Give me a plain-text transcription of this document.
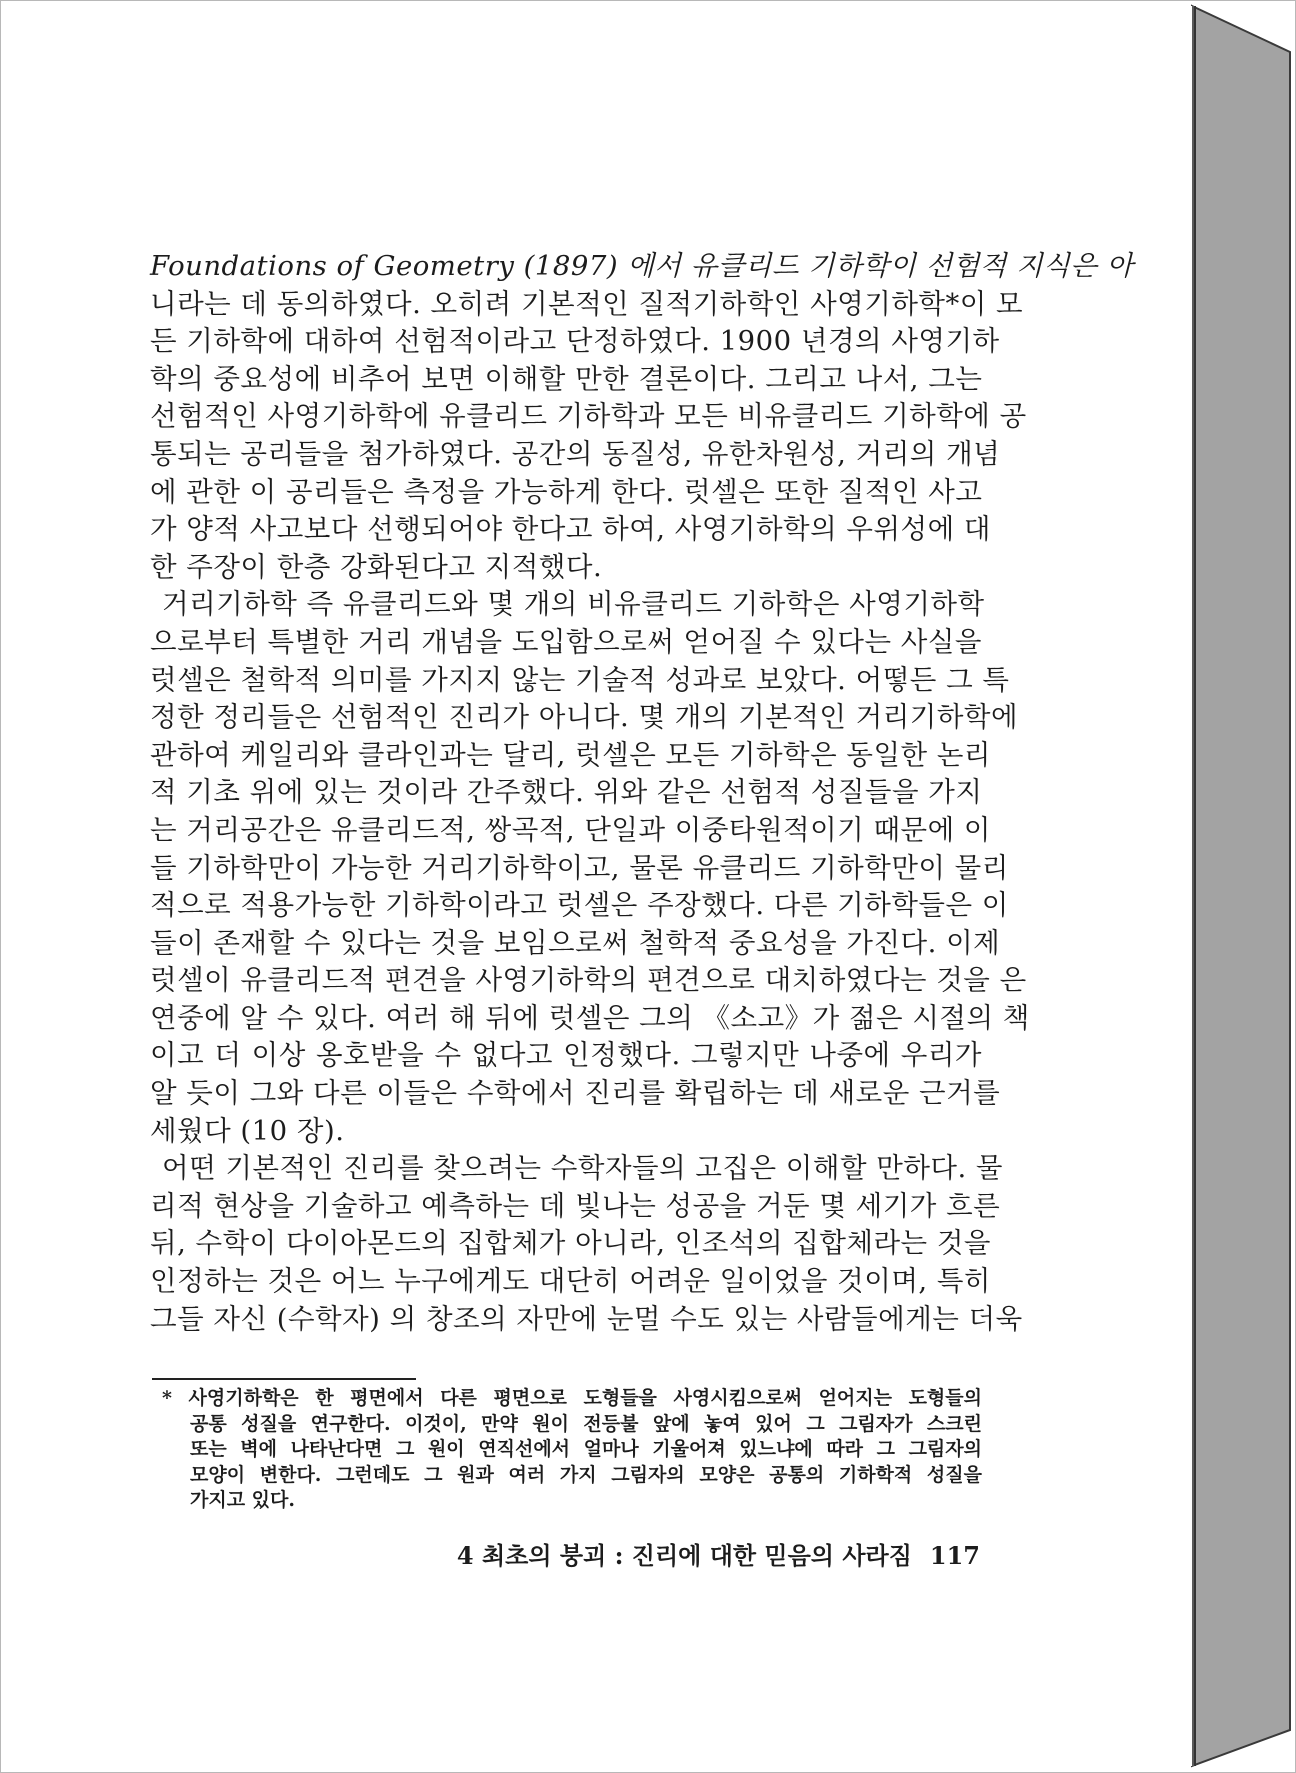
Foundations of Geometry (1897) 에서 유클리드 기하학이 선험적 지식은 아
니라는 데 동의하였다. 오히려 기본적인 질적기하학인 사영기하학*이 모
든 기하학에 대하여 선험적이라고 단정하였다. 1900 년경의 사영기하
학의 중요성에 비추어 보면 이해할 만한 결론이다. 그리고 나서, 그는
선험적인 사영기하학에 유클리드 기하학과 모든 비유클리드 기하학에 공
통되는 공리들을 첨가하였다. 공간의 동질성, 유한차원성, 거리의 개념
에 관한 이 공리들은 측정을 가능하게 한다. 럿셀은 또한 질적인 사고
가 양적 사고보다 선행되어야 한다고 하여, 사영기하학의 우위성에 대
한 주장이 한층 강화된다고 지적했다.
거리기하학 즉 유클리드와 몇 개의 비유클리드 기하학은 사영기하학
으로부터 특별한 거리 개념을 도입함으로써 얻어질 수 있다는 사실을
럿셀은 철학적 의미를 가지지 않는 기술적 성과로 보았다. 어떻든 그 특
정한 정리들은 선험적인 진리가 아니다. 몇 개의 기본적인 거리기하학에
관하여 케일리와 클라인과는 달리, 럿셀은 모든 기하학은 동일한 논리
적 기초 위에 있는 것이라 간주했다. 위와 같은 선험적 성질들을 가지
는 거리공간은 유클리드적, 쌍곡적, 단일과 이중타원적이기 때문에 이
들 기하학만이 가능한 거리기하학이고, 물론 유클리드 기하학만이 물리
적으로 적용가능한 기하학이라고 럿셀은 주장했다. 다른 기하학들은 이
들이 존재할 수 있다는 것을 보임으로써 철학적 중요성을 가진다. 이제
럿셀이 유클리드적 편견을 사영기하학의 편견으로 대치하였다는 것을 은
연중에 알 수 있다. 여러 해 뒤에 럿셀은 그의 《소고》가 젊은 시절의 책
이고 더 이상 옹호받을 수 없다고 인정했다. 그렇지만 나중에 우리가
알 듯이 그와 다른 이들은 수학에서 진리를 확립하는 데 새로운 근거를
세웠다 (10 장).
어떤 기본적인 진리를 찾으려는 수학자들의 고집은 이해할 만하다. 물
리적 현상을 기술하고 예측하는 데 빛나는 성공을 거둔 몇 세기가 흐른
뒤, 수학이 다이아몬드의 집합체가 아니라, 인조석의 집합체라는 것을
인정하는 것은 어느 누구에게도 대단히 어려운 일이었을 것이며, 특히
그들 자신 (수학자) 의 창조의 자만에 눈멀 수도 있는 사람들에게는 더욱
* 사영기하학은 한 평면에서 다른 평면으로 도형들을 사영시킴으로써 얻어지는 도형들의
공통 성질을 연구한다. 이것이, 만약 원이 전등불 앞에 놓여 있어 그 그림자가 스크린
또는 벽에 나타난다면 그 원이 연직선에서 얼마나 기울어져 있느냐에 따라 그 그림자의
모양이 변한다. 그런데도 그 원과 여러 가지 그림자의 모양은 공통의 기하학적 성질을
가지고 있다.
4 최초의 붕괴 : 진리에 대한 믿음의 사라짐 117
